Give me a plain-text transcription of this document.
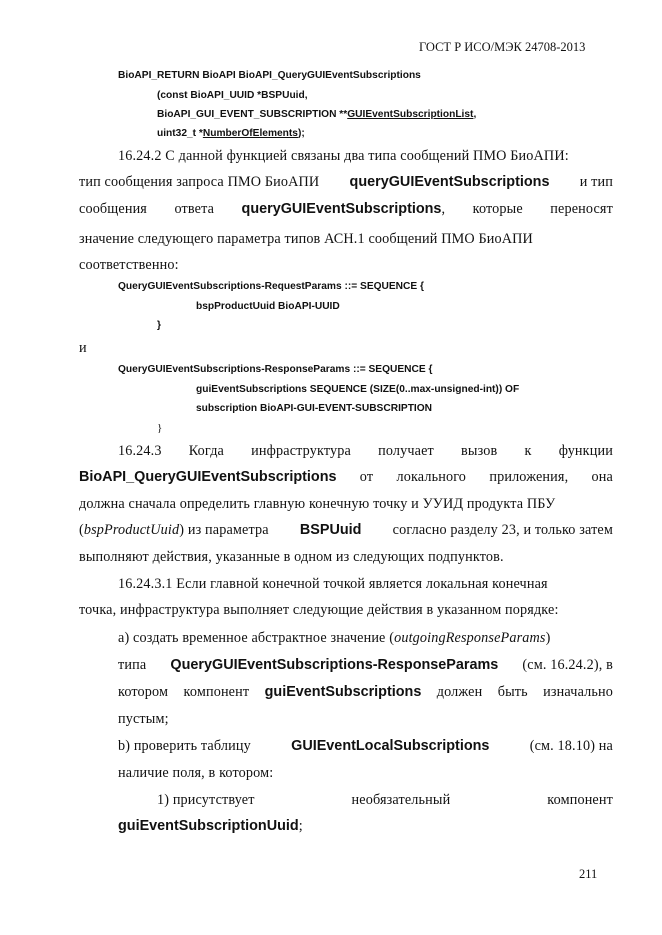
ГОСТ Р ИСО/МЭК 24708-2013
BioAPI_RETURN BioAPI BioAPI_QueryGUIEventSubscriptions
(const BioAPI_UUID *BSPUuid,
BioAPI_GUI_EVENT_SUBSCRIPTION **GUIEventSubscriptionList,
uint32_t *NumberOfElements);
16.24.2 С данной функцией связаны два типа сообщений ПМО БиоАПИ:
тип сообщения запроса ПМО БиоАПИ queryGUIEventSubscriptions и тип
сообщения ответа queryGUIEventSubscriptions, которые переносят
значение следующего параметра типов АСН.1 сообщений ПМО БиоАПИ
соответственно:
QueryGUIEventSubscriptions-RequestParams ::= SEQUENCE {
bspProductUuid BioAPI-UUID
}
и
QueryGUIEventSubscriptions-ResponseParams ::= SEQUENCE {
guiEventSubscriptions SEQUENCE (SIZE(0..max-unsigned-int)) OF
subscription BioAPI-GUI-EVENT-SUBSCRIPTION
}
16.24.3 Когда инфраструктура получает вызов к функции
BioAPI_QueryGUIEventSubscriptions от локального приложения, она
должна сначала определить главную конечную точку и УУИД продукта ПБУ
(bspProductUuid) из параметра BSPUuid согласно разделу 23, и только затем
выполняют действия, указанные в одном из следующих подпунктов.
16.24.3.1 Если главной конечной точкой является локальная конечная
точка, инфраструктура выполняет следующие действия в указанном порядке:
а) создать временное абстрактное значение (outgoingResponseParams)
типа QueryGUIEventSubscriptions-ResponseParams (см. 16.24.2), в
котором компонент guiEventSubscriptions должен быть изначально
пустым;
b) проверить таблицу	GUIEventLocalSubscriptions	(см. 18.10) на
наличие поля, в котором:
1) присутствует	необязательный	компонент
guiEventSubscriptionUuid;
211
